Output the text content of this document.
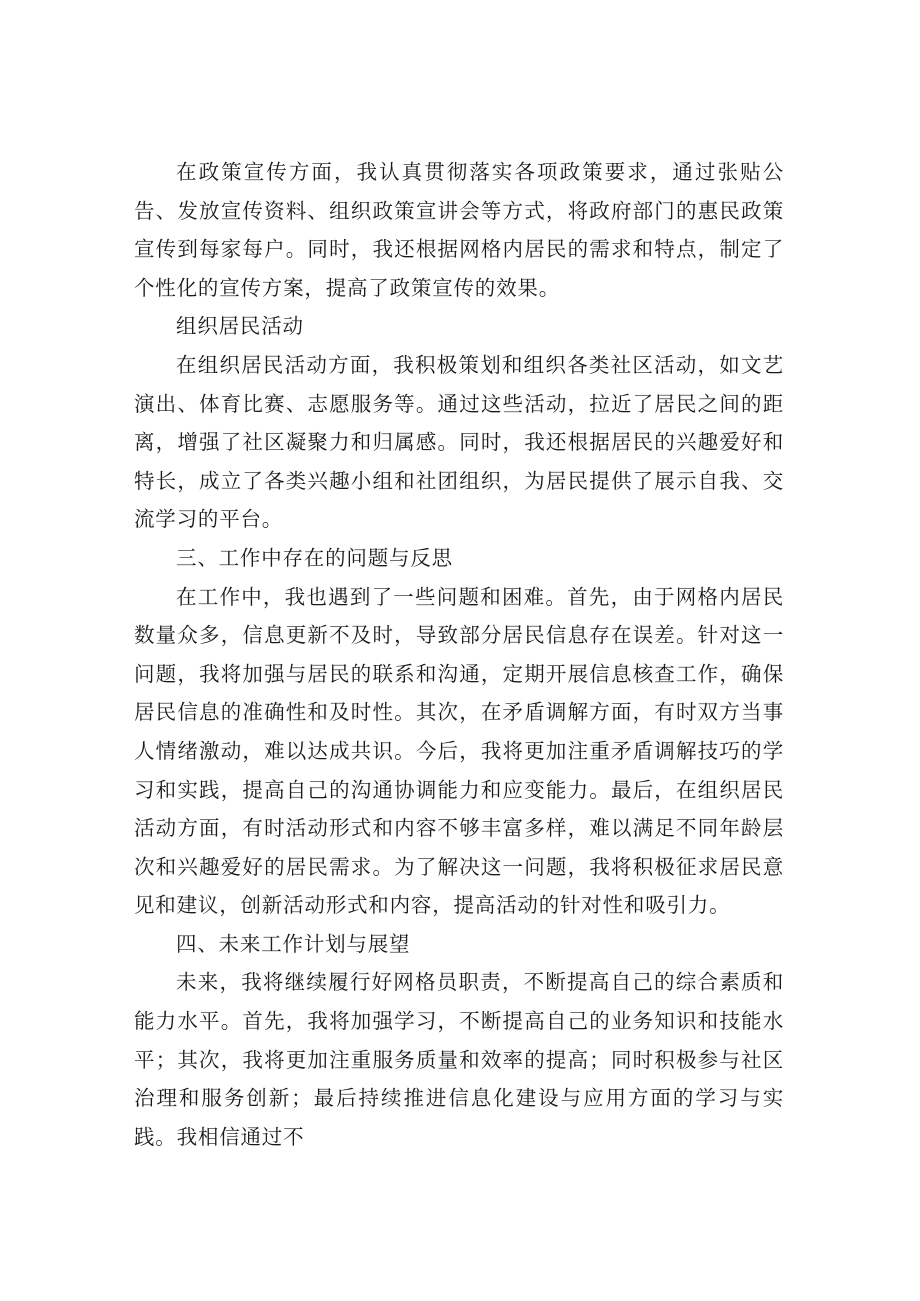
在政策宣传方面，我认真贯彻落实各项政策要求，通过张贴公告、发放宣传资料、组织政策宣讲会等方式，将政府部门的惠民政策宣传到每家每户。同时，我还根据网格内居民的需求和特点，制定了个性化的宣传方案，提高了政策宣传的效果。

组织居民活动

在组织居民活动方面，我积极策划和组织各类社区活动，如文艺演出、体育比赛、志愿服务等。通过这些活动，拉近了居民之间的距离，增强了社区凝聚力和归属感。同时，我还根据居民的兴趣爱好和特长，成立了各类兴趣小组和社团组织，为居民提供了展示自我、交流学习的平台。

三、工作中存在的问题与反思

在工作中，我也遇到了一些问题和困难。首先，由于网格内居民数量众多，信息更新不及时，导致部分居民信息存在误差。针对这一问题，我将加强与居民的联系和沟通，定期开展信息核查工作，确保居民信息的准确性和及时性。其次，在矛盾调解方面，有时双方当事人情绪激动，难以达成共识。今后，我将更加注重矛盾调解技巧的学习和实践，提高自己的沟通协调能力和应变能力。最后，在组织居民活动方面，有时活动形式和内容不够丰富多样，难以满足不同年龄层次和兴趣爱好的居民需求。为了解决这一问题，我将积极征求居民意见和建议，创新活动形式和内容，提高活动的针对性和吸引力。

四、未来工作计划与展望

未来，我将继续履行好网格员职责，不断提高自己的综合素质和能力水平。首先，我将加强学习，不断提高自己的业务知识和技能水平；其次，我将更加注重服务质量和效率的提高；同时积极参与社区治理和服务创新；最后持续推进信息化建设与应用方面的学习与实践。我相信通过不
